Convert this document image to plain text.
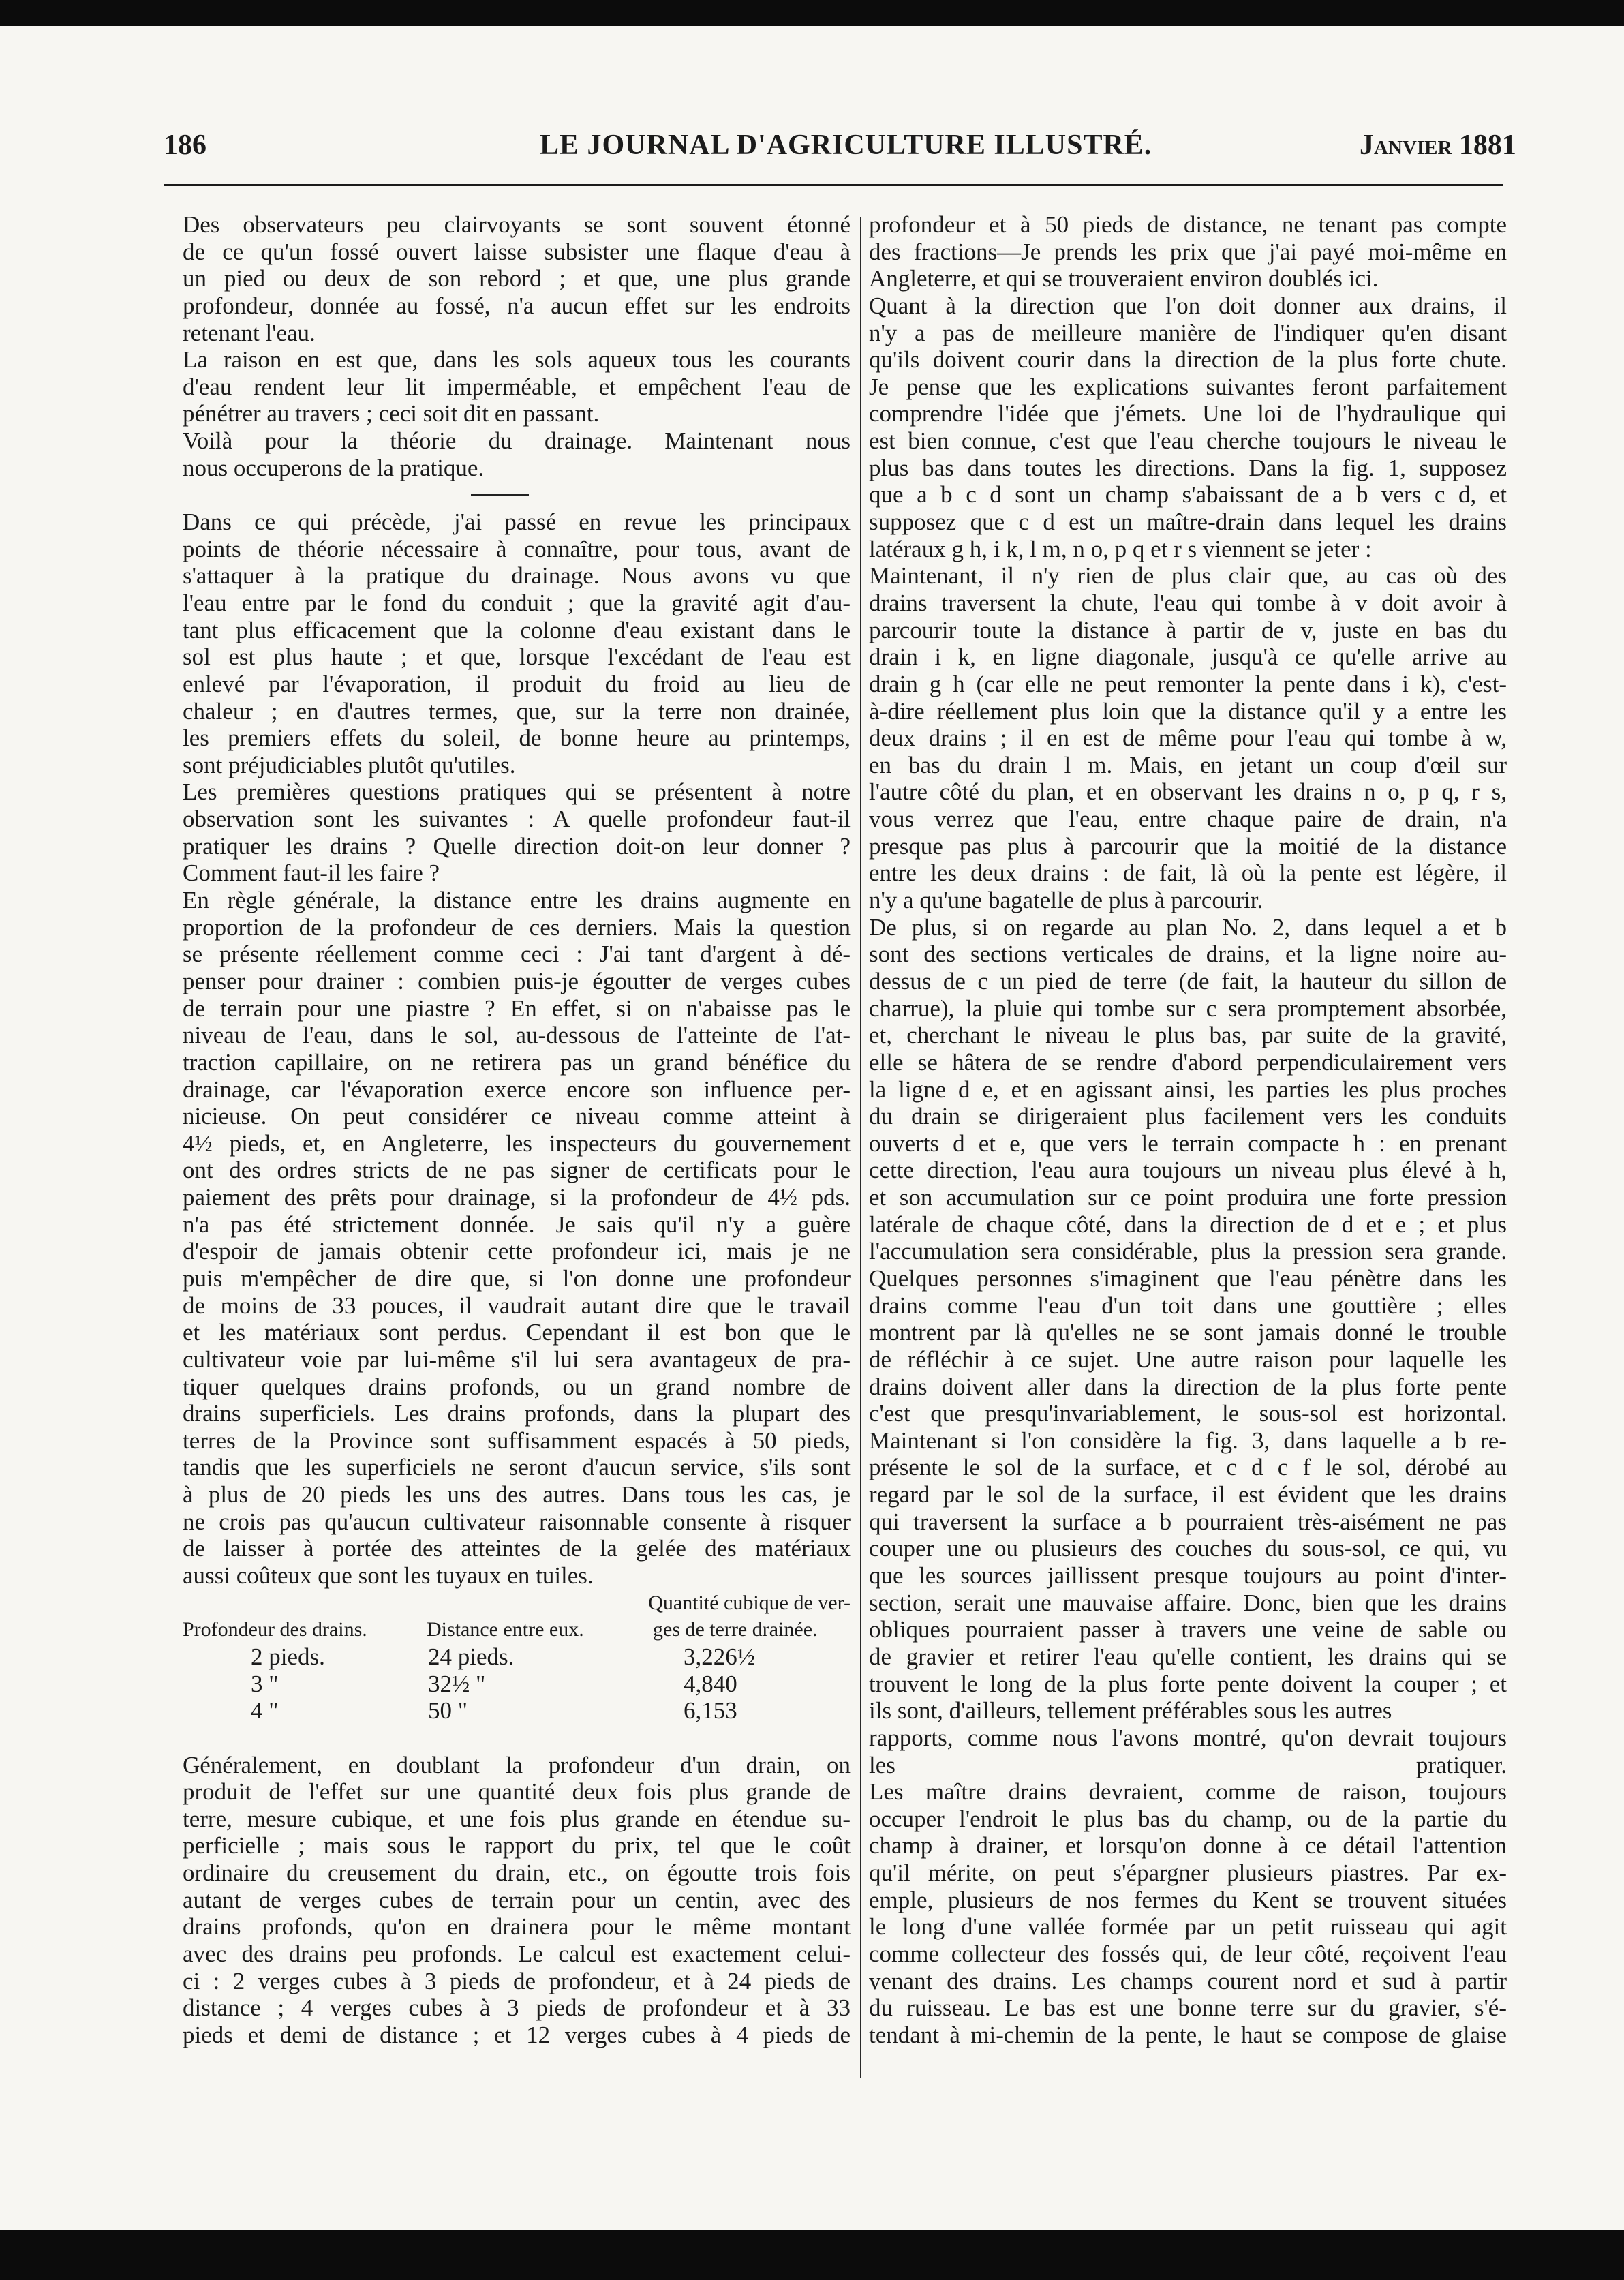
186	LE JOURNAL D'AGRICULTURE ILLUSTRÉ.	Janvier 1881
Des observateurs peu clairvoyants se sont souvent étonné
de ce qu'un fossé ouvert laisse subsister une flaque d'eau à
un pied ou deux de son rebord ; et que, une plus grande
profondeur, donnée au fossé, n'a aucun effet sur les endroits
retenant l'eau.
La raison en est que, dans les sols aqueux tous les courants
d'eau rendent leur lit imperméable, et empêchent l'eau de
pénétrer au travers ; ceci soit dit en passant.
Voilà pour la théorie du drainage. Maintenant nous
nous occuperons de la pratique.
Dans ce qui précède, j'ai passé en revue les principaux
points de théorie nécessaire à connaître, pour tous, avant de
s'attaquer à la pratique du drainage. Nous avons vu que
l'eau entre par le fond du conduit ; que la gravité agit d'au-
tant plus efficacement que la colonne d'eau existant dans le
sol est plus haute ; et que, lorsque l'excédant de l'eau est
enlevé par l'évaporation, il produit du froid au lieu de
chaleur ; en d'autres termes, que, sur la terre non drainée,
les premiers effets du soleil, de bonne heure au printemps,
sont préjudiciables plutôt qu'utiles.
Les premières questions pratiques qui se présentent à notre
observation sont les suivantes : A quelle profondeur faut-il
pratiquer les drains ? Quelle direction doit-on leur donner ?
Comment faut-il les faire ?
En règle générale, la distance entre les drains augmente en
proportion de la profondeur de ces derniers. Mais la question
se présente réellement comme ceci : J'ai tant d'argent à dé-
penser pour drainer : combien puis-je égoutter de verges cubes
de terrain pour une piastre ? En effet, si on n'abaisse pas le
niveau de l'eau, dans le sol, au-dessous de l'atteinte de l'at-
traction capillaire, on ne retirera pas un grand bénéfice du
drainage, car l'évaporation exerce encore son influence per-
nicieuse. On peut considérer ce niveau comme atteint à
4½ pieds, et, en Angleterre, les inspecteurs du gouvernement
ont des ordres stricts de ne pas signer de certificats pour le
paiement des prêts pour drainage, si la profondeur de 4½ pds.
n'a pas été strictement donnée. Je sais qu'il n'y a guère
d'espoir de jamais obtenir cette profondeur ici, mais je ne
puis m'empêcher de dire que, si l'on donne une profondeur
de moins de 33 pouces, il vaudrait autant dire que le travail
et les matériaux sont perdus. Cependant il est bon que le
cultivateur voie par lui-même s'il lui sera avantageux de pra-
tiquer quelques drains profonds, ou un grand nombre de
drains superficiels. Les drains profonds, dans la plupart des
terres de la Province sont suffisamment espacés à 50 pieds,
tandis que les superficiels ne seront d'aucun service, s'ils sont
à plus de 20 pieds les uns des autres. Dans tous les cas, je
ne crois pas qu'aucun cultivateur raisonnable consente à risquer
de laisser à portée des atteintes de la gelée des matériaux
aussi coûteux que sont les tuyaux en tuiles.
Quantité cubique de ver-
Profondeur des drains.	Distance entre eux.	ges de terre drainée.
2 pieds.	24 pieds.	3,226½
3 "	32½ "	4,840
4 "	50 "	6,153
Généralement, en doublant la profondeur d'un drain, on
produit de l'effet sur une quantité deux fois plus grande de
terre, mesure cubique, et une fois plus grande en étendue su-
perficielle ; mais sous le rapport du prix, tel que le coût
ordinaire du creusement du drain, etc., on égoutte trois fois
autant de verges cubes de terrain pour un centin, avec des
drains profonds, qu'on en drainera pour le même montant
avec des drains peu profonds. Le calcul est exactement celui-
ci : 2 verges cubes à 3 pieds de profondeur, et à 24 pieds de
distance ; 4 verges cubes à 3 pieds de profondeur et à 33
pieds et demi de distance ; et 12 verges cubes à 4 pieds de
profondeur et à 50 pieds de distance, ne tenant pas compte
des fractions—Je prends les prix que j'ai payé moi-même en
Angleterre, et qui se trouveraient environ doublés ici.
Quant à la direction que l'on doit donner aux drains, il
n'y a pas de meilleure manière de l'indiquer qu'en disant
qu'ils doivent courir dans la direction de la plus forte chute.
Je pense que les explications suivantes feront parfaitement
comprendre l'idée que j'émets. Une loi de l'hydraulique qui
est bien connue, c'est que l'eau cherche toujours le niveau le
plus bas dans toutes les directions. Dans la fig. 1, supposez
que a b c d sont un champ s'abaissant de a b vers c d, et
supposez que c d est un maître-drain dans lequel les drains
latéraux g h, i k, l m, n o, p q et r s viennent se jeter :
Maintenant, il n'y rien de plus clair que, au cas où des
drains traversent la chute, l'eau qui tombe à v doit avoir à
parcourir toute la distance à partir de v, juste en bas du
drain i k, en ligne diagonale, jusqu'à ce qu'elle arrive au
drain g h (car elle ne peut remonter la pente dans i k), c'est-
à-dire réellement plus loin que la distance qu'il y a entre les
deux drains ; il en est de même pour l'eau qui tombe à w,
en bas du drain l m. Mais, en jetant un coup d'œil sur
l'autre côté du plan, et en observant les drains n o, p q, r s,
vous verrez que l'eau, entre chaque paire de drain, n'a
presque pas plus à parcourir que la moitié de la distance
entre les deux drains : de fait, là où la pente est légère, il
n'y a qu'une bagatelle de plus à parcourir.
De plus, si on regarde au plan No. 2, dans lequel a et b
sont des sections verticales de drains, et la ligne noire au-
dessus de c un pied de terre (de fait, la hauteur du sillon de
charrue), la pluie qui tombe sur c sera promptement absorbée,
et, cherchant le niveau le plus bas, par suite de la gravité,
elle se hâtera de se rendre d'abord perpendiculairement vers
la ligne d e, et en agissant ainsi, les parties les plus proches
du drain se dirigeraient plus facilement vers les conduits
ouverts d et e, que vers le terrain compacte h : en prenant
cette direction, l'eau aura toujours un niveau plus élevé à h,
et son accumulation sur ce point produira une forte pression
latérale de chaque côté, dans la direction de d et e ; et plus
l'accumulation sera considérable, plus la pression sera grande.
Quelques personnes s'imaginent que l'eau pénètre dans les
drains comme l'eau d'un toit dans une gouttière ; elles
montrent par là qu'elles ne se sont jamais donné le trouble
de réfléchir à ce sujet. Une autre raison pour laquelle les
drains doivent aller dans la direction de la plus forte pente
c'est que presqu'invariablement, le sous-sol est horizontal.
Maintenant si l'on considère la fig. 3, dans laquelle a b re-
présente le sol de la surface, et c d c f le sol, dérobé au
regard par le sol de la surface, il est évident que les drains
qui traversent la surface a b pourraient très-aisément ne pas
couper une ou plusieurs des couches du sous-sol, ce qui, vu
que les sources jaillissent presque toujours au point d'inter-
section, serait une mauvaise affaire. Donc, bien que les drains
obliques pourraient passer à travers une veine de sable ou
de gravier et retirer l'eau qu'elle contient, les drains qui se
trouvent le long de la plus forte pente doivent la couper ; et
ils sont, d'ailleurs, tellement préférables sous les autres
rapports, comme nous l'avons montré, qu'on devrait toujours
les pratiquer.
Les maître drains devraient, comme de raison, toujours
occuper l'endroit le plus bas du champ, ou de la partie du
champ à drainer, et lorsqu'on donne à ce détail l'attention
qu'il mérite, on peut s'épargner plusieurs piastres. Par ex-
emple, plusieurs de nos fermes du Kent se trouvent situées
le long d'une vallée formée par un petit ruisseau qui agit
comme collecteur des fossés qui, de leur côté, reçoivent l'eau
venant des drains. Les champs courent nord et sud à partir
du ruisseau. Le bas est une bonne terre sur du gravier, s'é-
tendant à mi-chemin de la pente, le haut se compose de glaise
